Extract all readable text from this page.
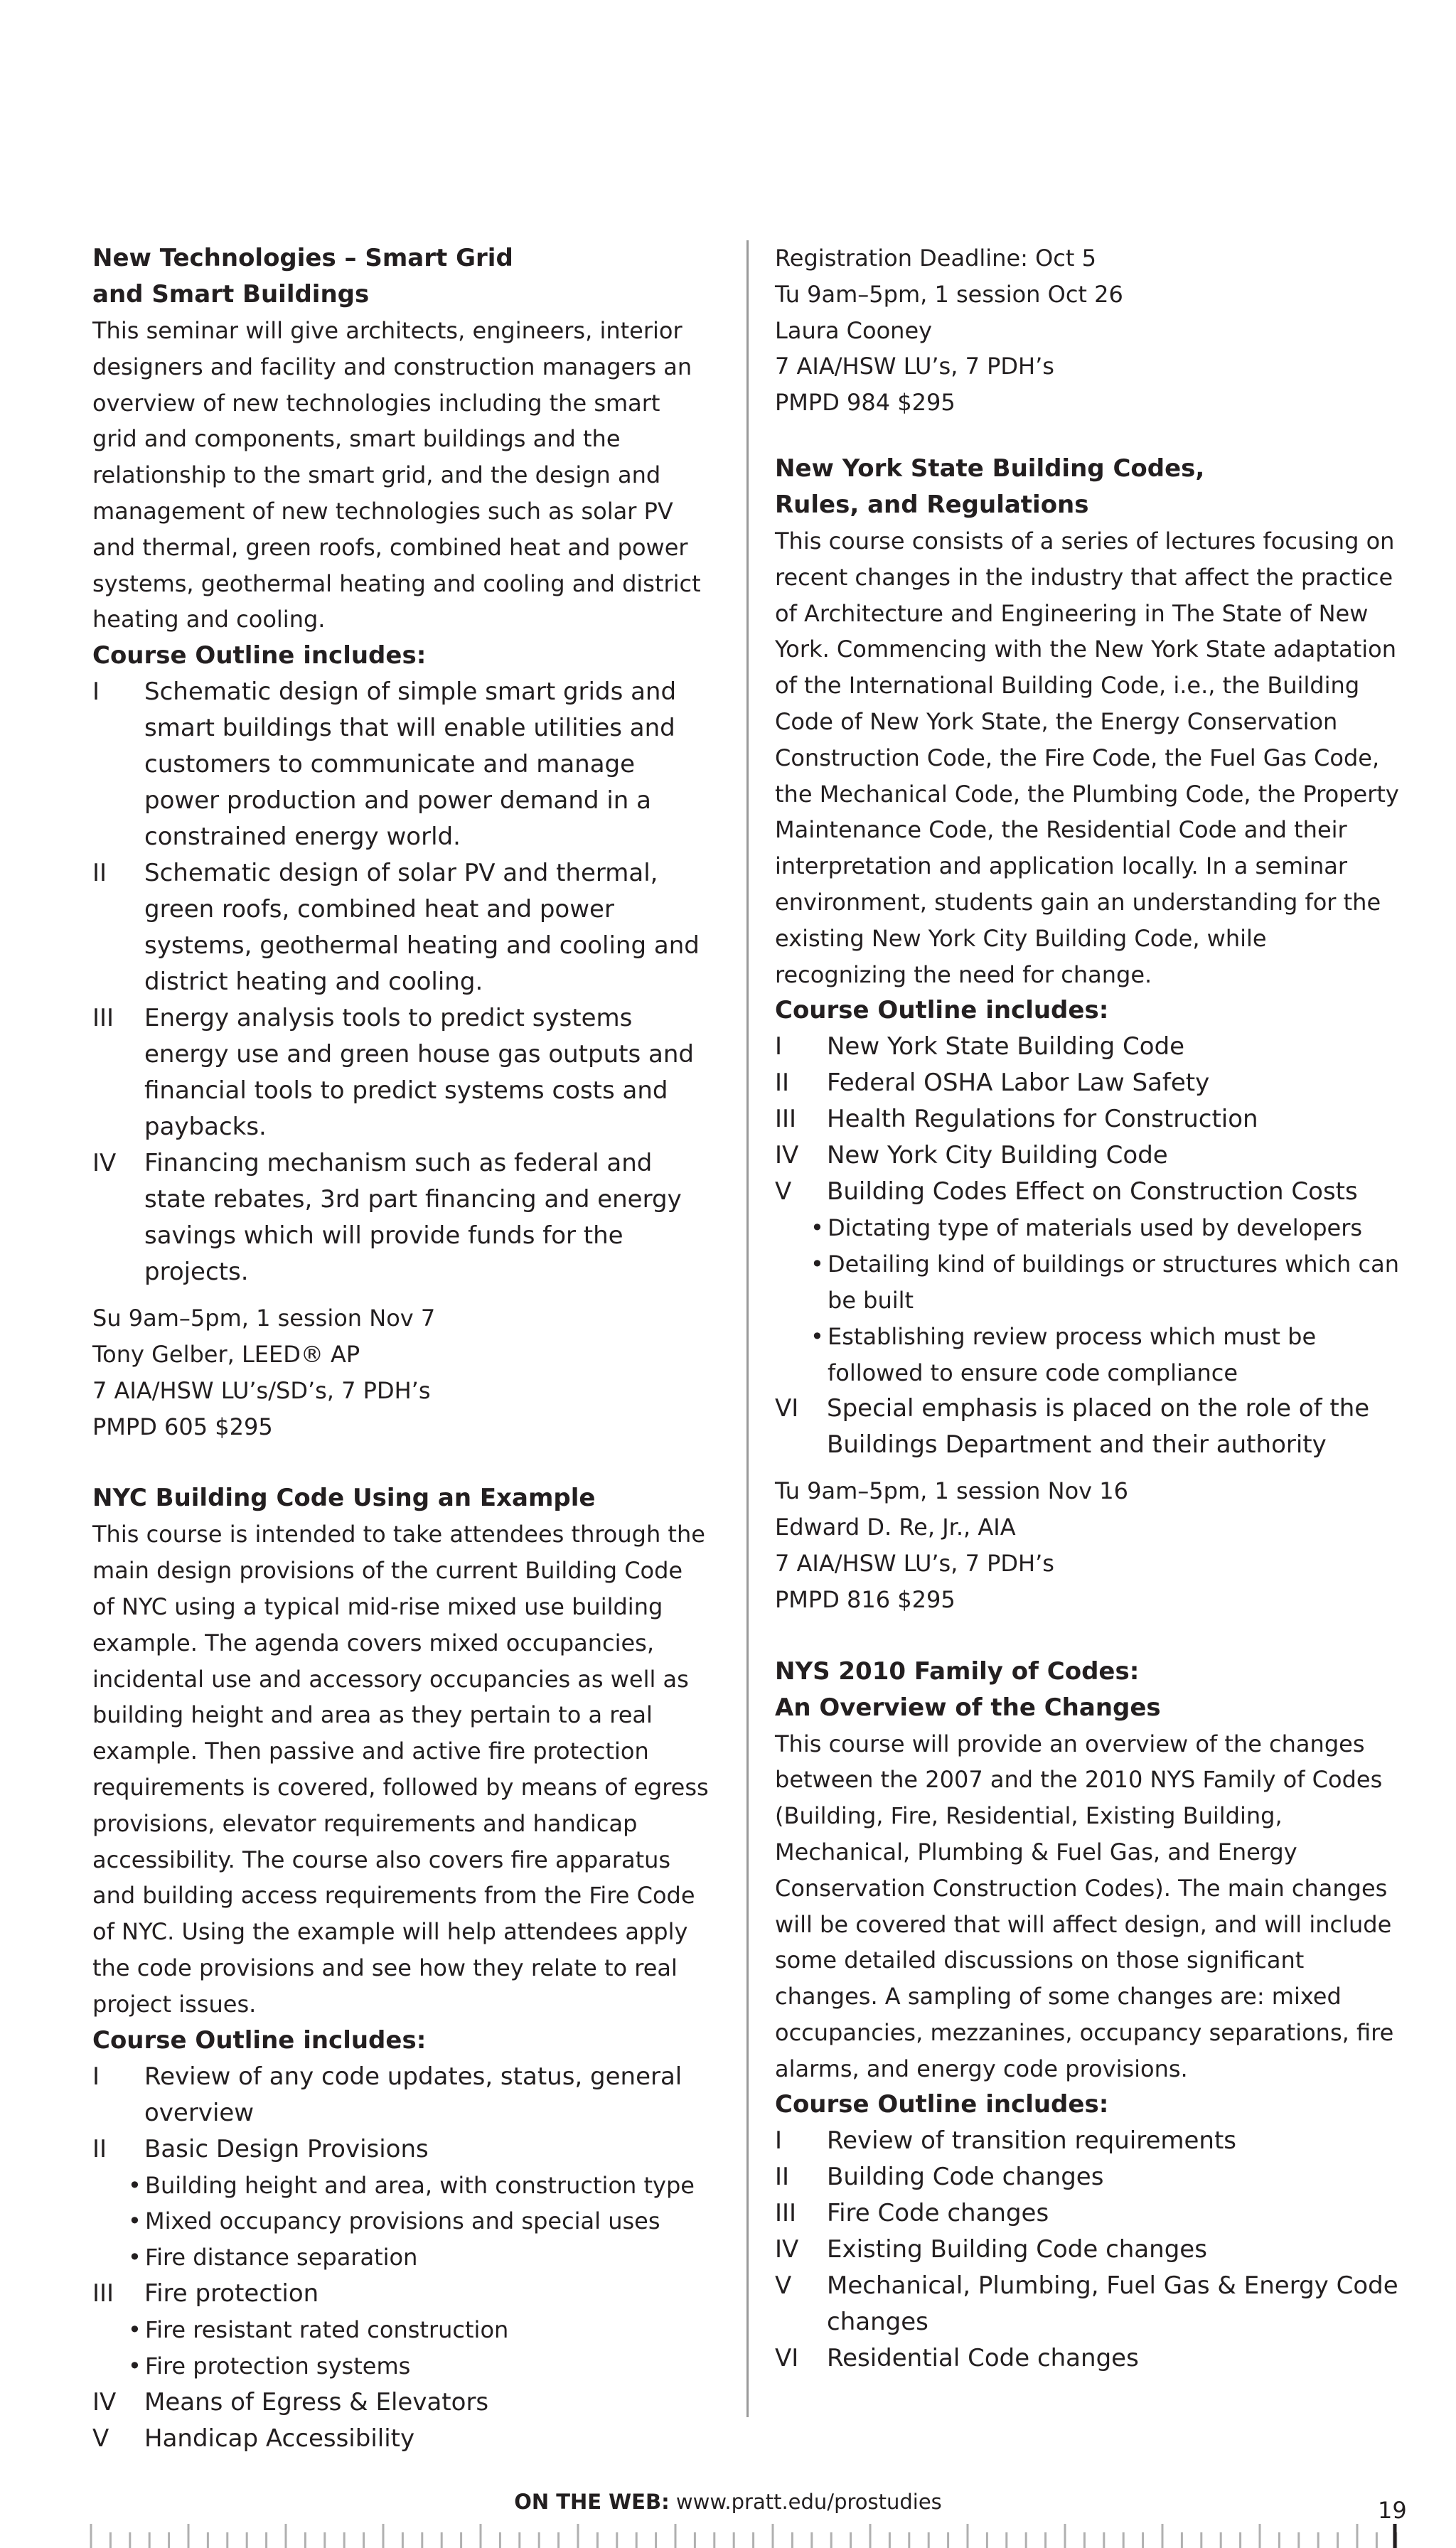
New Technologies – Smart Grid
and Smart Buildings

This seminar will give architects, engineers, interior designers and facility and construction managers an overview of new technologies including the smart grid and components, smart buildings and the relationship to the smart grid, and the design and management of new technologies such as solar PV and thermal, green roofs, combined heat and power systems, geothermal heating and cooling and district heating and cooling.

Course Outline includes:
I	Schematic design of simple smart grids and smart buildings that will enable utilities and customers to communicate and manage power production and power demand in a constrained energy world.
II	Schematic design of solar PV and thermal, green roofs, combined heat and power systems, geothermal heating and cooling and district heating and cooling.
III	Energy analysis tools to predict systems energy use and green house gas outputs and financial tools to predict systems costs and paybacks.
IV	Financing mechanism such as federal and state rebates, 3rd part financing and energy savings which will provide funds for the projects.
Su 9am–5pm, 1 session Nov 7
Tony Gelber, LEED® AP
7 AIA/HSW LU’s/SD’s, 7 PDH’s
PMPD 605 $295
NYC Building Code Using an Example

This course is intended to take attendees through the main design provisions of the current Building Code of NYC using a typical mid-rise mixed use building example. The agenda covers mixed occupancies, incidental use and accessory occupancies as well as building height and area as they pertain to a real example. Then passive and active fire protection requirements is covered, followed by means of egress provisions, elevator requirements and handicap accessibility. The course also covers fire apparatus and building access requirements from the Fire Code of NYC. Using the example will help attendees apply the code provisions and see how they relate to real project issues.

Course Outline includes:
I	Review of any code updates, status, general overview
II	Basic Design Provisions
• Building height and area, with construction type
• Mixed occupancy provisions and special uses
• Fire distance separation
III	Fire protection
• Fire resistant rated construction
• Fire protection systems
IV	Means of Egress & Elevators
V	Handicap Accessibility
Registration Deadline: Oct 5
Tu 9am–5pm, 1 session Oct 26
Laura Cooney
7 AIA/HSW LU’s, 7 PDH’s
PMPD 984 $295
New York State Building Codes,
Rules, and Regulations

This course consists of a series of lectures focusing on recent changes in the industry that affect the practice of Architecture and Engineering in The State of New York. Commencing with the New York State adaptation of the International Building Code, i.e., the Building Code of New York State, the Energy Conservation Construction Code, the Fire Code, the Fuel Gas Code, the Mechanical Code, the Plumbing Code, the Property Maintenance Code, the Residential Code and their interpretation and application locally. In a seminar environment, students gain an understanding for the existing New York City Building Code, while recognizing the need for change.

Course Outline includes:
I	New York State Building Code
II	Federal OSHA Labor Law Safety
III	Health Regulations for Construction
IV	New York City Building Code
V	Building Codes Effect on Construction Costs
• Dictating type of materials used by developers
• Detailing kind of buildings or structures which can be built
• Establishing review process which must be followed to ensure code compliance
VI	Special emphasis is placed on the role of the Buildings Department and their authority
Tu 9am–5pm, 1 session Nov 16
Edward D. Re, Jr., AIA
7 AIA/HSW LU’s, 7 PDH’s
PMPD 816 $295
NYS 2010 Family of Codes:
An Overview of the Changes

This course will provide an overview of the changes between the 2007 and the 2010 NYS Family of Codes (Building, Fire, Residential, Existing Building, Mechanical, Plumbing & Fuel Gas, and Energy Conservation Construction Codes). The main changes will be covered that will affect design, and will include some detailed discussions on those significant changes. A sampling of some changes are: mixed occupancies, mezzanines, occupancy separations, fire alarms, and energy code provisions.

Course Outline includes:
I	Review of transition requirements
II	Building Code changes
III	Fire Code changes
IV	Existing Building Code changes
V	Mechanical, Plumbing, Fuel Gas & Energy Code changes
VI	Residential Code changes
ON THE WEB: www.pratt.edu/prostudies	19
